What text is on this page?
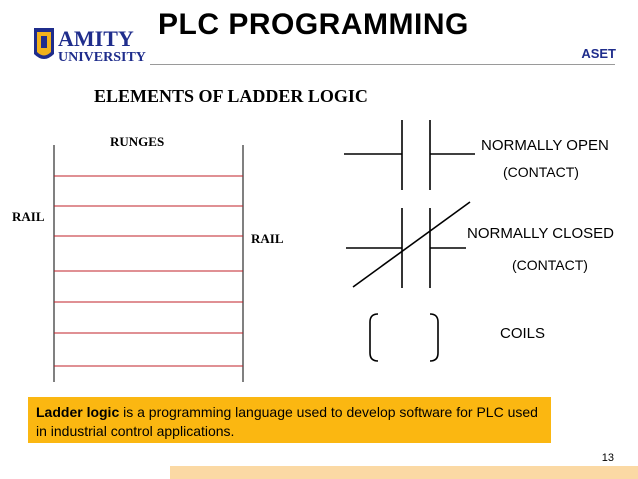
AMITY
UNIVERSITY
PLC PROGRAMMING
ASET
ELEMENTS OF LADDER LOGIC
RUNGES
RAIL
RAIL
NORMALLY OPEN
(CONTACT)
NORMALLY CLOSED
(CONTACT)
COILS
Ladder logic is a programming language used to develop software for PLC used in industrial control applications.
13
